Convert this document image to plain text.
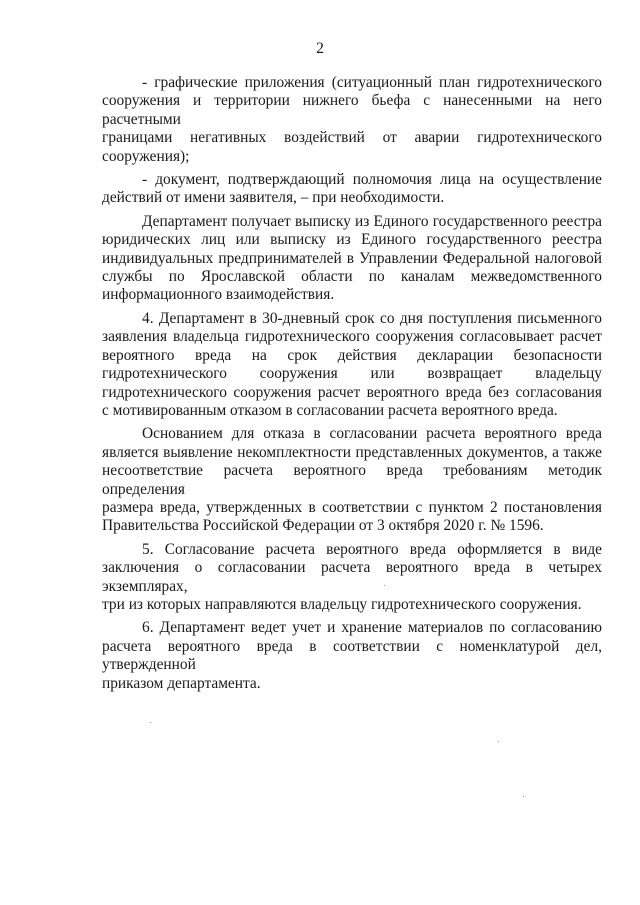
2

- графические приложения (ситуационный план гидротехнического
сооружения и территории нижнего бьефа с нанесенными на него расчетными
границами негативных воздействий от аварии гидротехнического
сооружения);

- документ, подтверждающий полномочия лица на осуществление
действий от имени заявителя, – при необходимости.

Департамент получает выписку из Единого государственного реестра
юридических лиц или выписку из Единого государственного реестра
индивидуальных предпринимателей в Управлении Федеральной налоговой
службы по Ярославской области по каналам межведомственного
информационного взаимодействия.

4. Департамент в 30-дневный срок со дня поступления письменного
заявления владельца гидротехнического сооружения согласовывает расчет
вероятного вреда на срок действия декларации безопасности
гидротехнического сооружения или возвращает владельцу
гидротехнического сооружения расчет вероятного вреда без согласования
с мотивированным отказом в согласовании расчета вероятного вреда.

Основанием для отказа в согласовании расчета вероятного вреда
является выявление некомплектности представленных документов, а также
несоответствие расчета вероятного вреда требованиям методик определения
размера вреда, утвержденных в соответствии с пунктом 2 постановления
Правительства Российской Федерации от 3 октября 2020 г. № 1596.

5. Согласование расчета вероятного вреда оформляется в виде
заключения о согласовании расчета вероятного вреда в четырех экземплярах,
три из которых направляются владельцу гидротехнического сооружения.

6. Департамент ведет учет и хранение материалов по согласованию
расчета вероятного вреда в соответствии с номенклатурой дел, утвержденной
приказом департамента.
